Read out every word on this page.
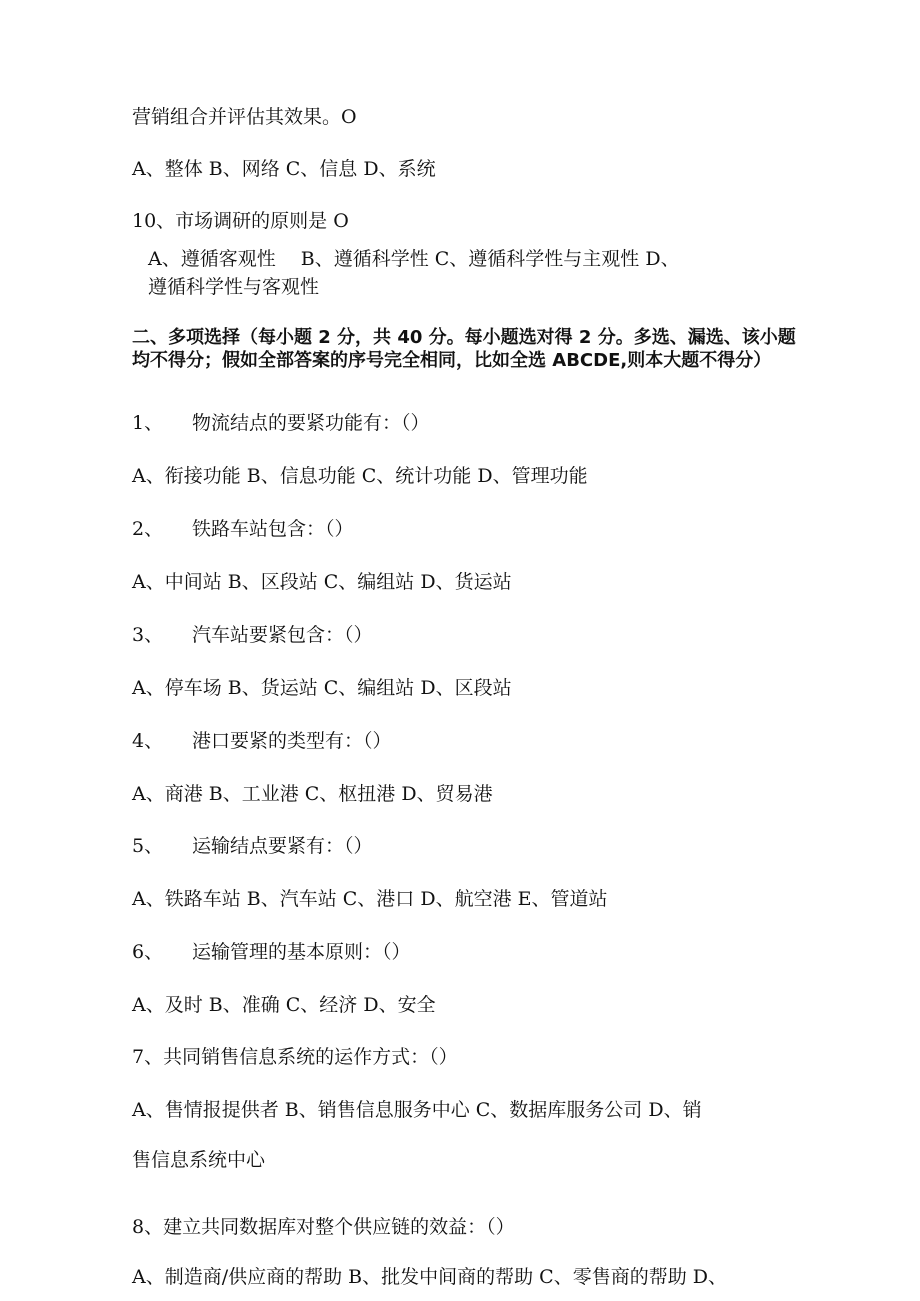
营销组合并评估其效果。O
A、整体 B、网络 C、信息 D、系统
10、市场调研的原则是 O
A、遵循客观性　 B、遵循科学性 C、遵循科学性与主观性 D、
遵循科学性与客观性
二、多项选择（每小题 2 分，共 40 分。每小题选对得 2 分。多选、漏选、该小题均不得分；假如全部答案的序号完全相同，比如全选 ABCDE,则本大题不得分）
1、 物流结点的要紧功能有：（）
A、衔接功能 B、信息功能 C、统计功能 D、管理功能
2、 铁路车站包含：（）
A、中间站 B、区段站 C、编组站 D、货运站
3、 汽车站要紧包含：（）
A、停车场 B、货运站 C、编组站 D、区段站
4、 港口要紧的类型有：（）
A、商港 B、工业港 C、枢扭港 D、贸易港
5、 运输结点要紧有：（）
A、铁路车站 B、汽车站 C、港口 D、航空港 E、管道站
6、 运输管理的基本原则：（）
A、及时 B、准确 C、经济 D、安全
7、共同销售信息系统的运作方式：（）
A、售情报提供者 B、销售信息服务中心 C、数据库服务公司 D、销
售信息系统中心
8、建立共同数据库对整个供应链的效益：（）
A、制造商/供应商的帮助 B、批发中间商的帮助 C、零售商的帮助 D、
